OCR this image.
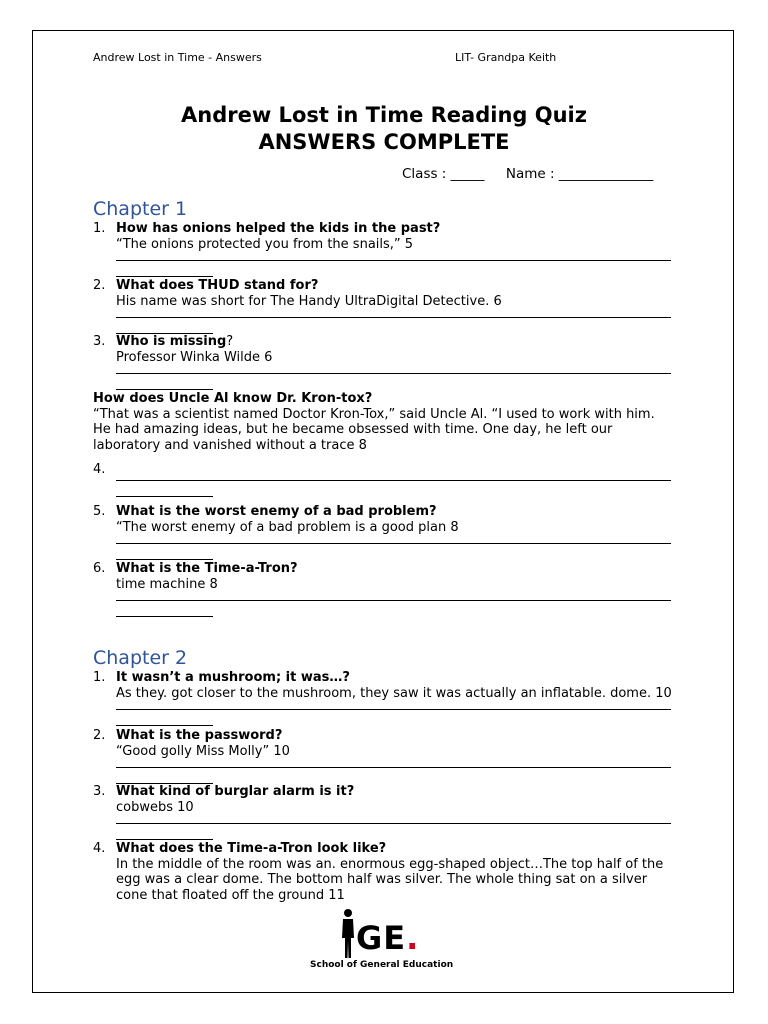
Andrew Lost in Time - Answers	LIT- Grandpa Keith
Andrew Lost in Time Reading Quiz
ANSWERS COMPLETE
Class : _____     Name : ______________
Chapter 1
1. How has onions helped the kids in the past?
“The onions protected you from the snails,” 5
2. What does THUD stand for?
His name was short for The Handy UltraDigital Detective. 6
3. Who is missing?
Professor Winka Wilde 6
How does Uncle Al know Dr. Kron-tox?
“That was a scientist named Doctor Kron-Tox,” said Uncle Al. “I used to work with him. He had amazing ideas, but he became obsessed with time. One day, he left our laboratory and vanished without a trace 8
4.
5. What is the worst enemy of a bad problem?
“The worst enemy of a bad problem is a good plan 8
6. What is the Time-a-Tron?
time machine 8
Chapter 2
1. It wasn’t a mushroom; it was…?
As they. got closer to the mushroom, they saw it was actually an inflatable. dome. 10
2. What is the password?
“Good golly Miss Molly” 10
3. What kind of burglar alarm is it?
cobwebs 10
4. What does the Time-a-Tron look like?
In the middle of the room was an. enormous egg-shaped object…The top half of the egg was a clear dome. The bottom half was silver. The whole thing sat on a silver cone that ﬂoated oﬀ the ground 11
GE.
School of General Education
